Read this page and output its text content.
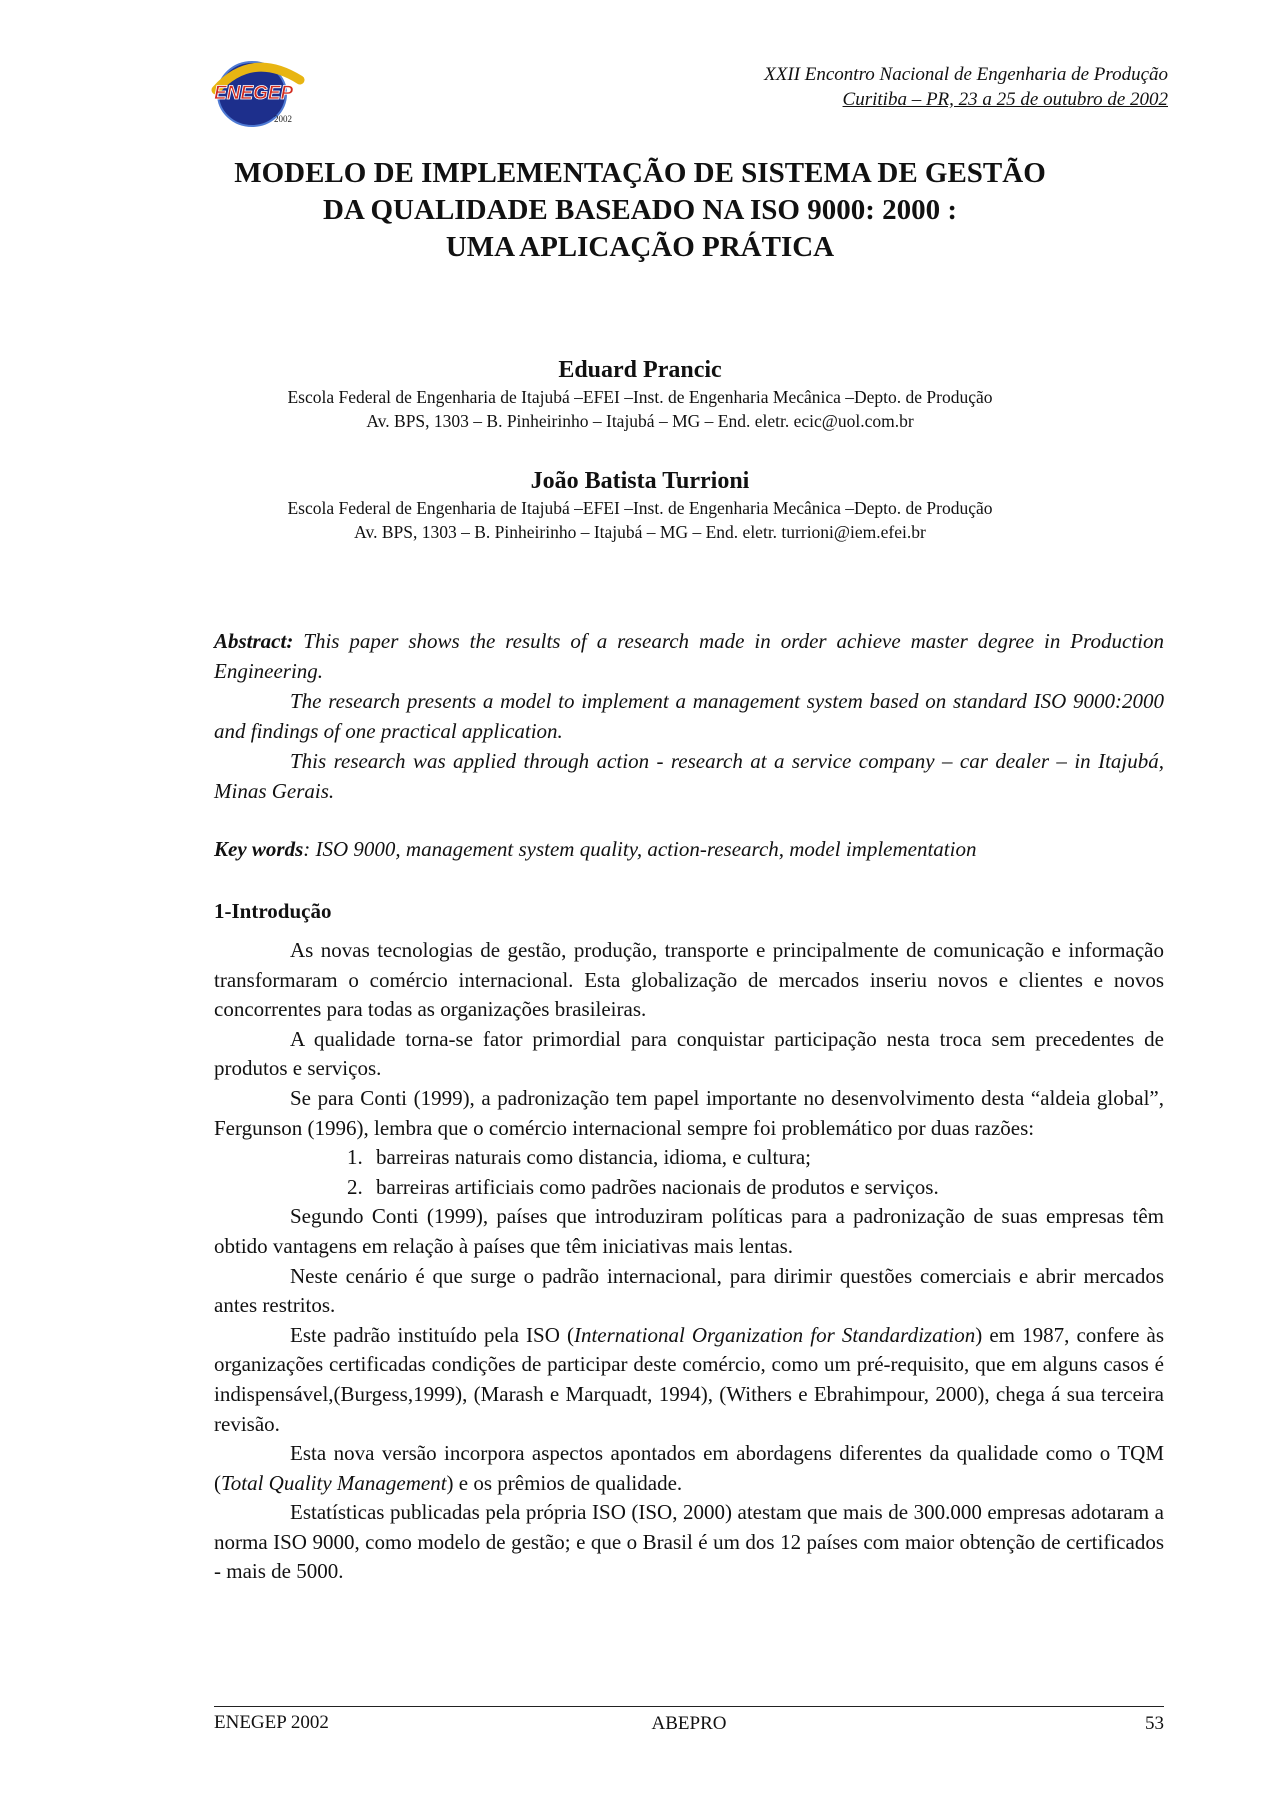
ENEGEP
2002
XXII Encontro Nacional de Engenharia de Produção
Curitiba – PR, 23 a 25 de outubro de 2002
MODELO DE IMPLEMENTAÇÃO DE SISTEMA DE GESTÃO
DA QUALIDADE BASEADO NA ISO 9000: 2000 :
UMA APLICAÇÃO PRÁTICA
Eduard Prancic
Escola Federal de Engenharia de Itajubá –EFEI –Inst. de Engenharia Mecânica –Depto. de Produção
Av. BPS, 1303 – B. Pinheirinho – Itajubá – MG – End. eletr. ecic@uol.com.br
João Batista Turrioni
Escola Federal de Engenharia de Itajubá –EFEI –Inst. de Engenharia Mecânica –Depto. de Produção
Av. BPS, 1303 – B. Pinheirinho – Itajubá – MG – End. eletr. turrioni@iem.efei.br

Abstract: This paper shows the results of a research made in order achieve master degree in Production Engineering.

The research presents a model to implement a management system based on standard ISO 9000:2000 and findings of one practical application.

This research was applied through action - research at a service company – car dealer – in Itajubá, Minas Gerais.

Key words: ISO 9000, management system quality, action-research, model implementation
1-Introdução

As novas tecnologias de gestão, produção, transporte e principalmente de comunicação e informação transformaram o comércio internacional. Esta globalização de mercados inseriu novos e clientes e novos concorrentes para todas as organizações brasileiras.

A qualidade torna-se fator primordial para conquistar participação nesta troca sem precedentes de produtos e serviços.

Se para Conti (1999), a padronização tem papel importante no desenvolvimento desta “aldeia global”, Fergunson (1996), lembra que o comércio internacional sempre foi problemático por duas razões:

1. barreiras naturais como distancia, idioma, e cultura;
2. barreiras artificiais como padrões nacionais de produtos e serviços.

Segundo Conti (1999), países que introduziram políticas para a padronização de suas empresas têm obtido vantagens em relação à países que têm iniciativas mais lentas.

Neste cenário é que surge o padrão internacional, para dirimir questões comerciais e abrir mercados antes restritos.

Este padrão instituído pela ISO (International Organization for Standardization) em 1987, confere às organizações certificadas condições de participar deste comércio, como um pré-requisito, que em alguns casos é indispensável,(Burgess,1999), (Marash e Marquadt, 1994), (Withers e Ebrahimpour, 2000), chega á sua terceira revisão.

Esta nova versão incorpora aspectos apontados em abordagens diferentes da qualidade como o TQM (Total Quality Management) e os prêmios de qualidade.

Estatísticas publicadas pela própria ISO (ISO, 2000) atestam que mais de 300.000 empresas adotaram a norma ISO 9000, como modelo de gestão; e que o Brasil é um dos 12 países com maior obtenção de certificados - mais de 5000.

ENEGEP 2002	ABEPRO	53
